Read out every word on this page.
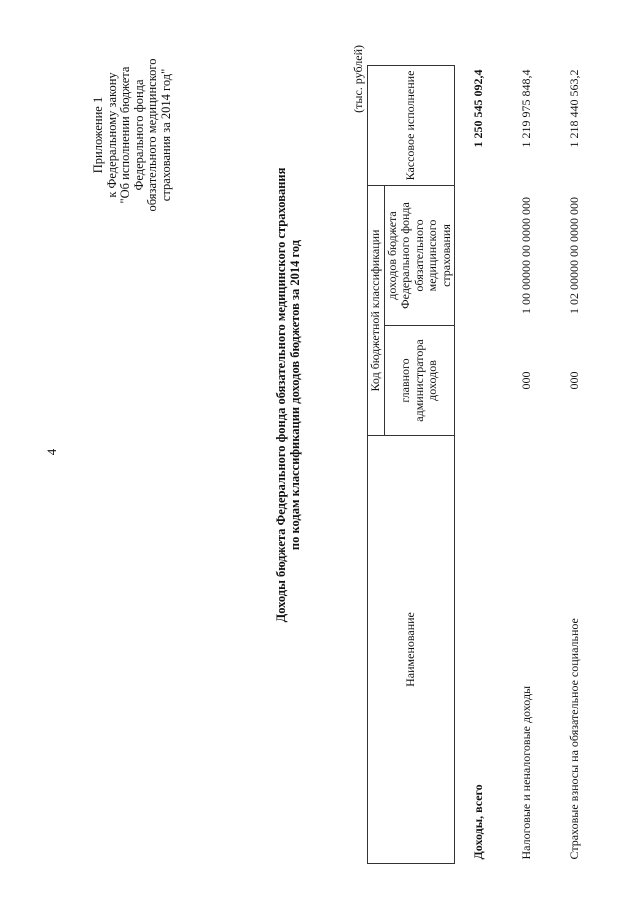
4
Приложение 1 к Федеральному закону "Об исполнении бюджета Федерального фонда обязательного медицинского страхования за 2014 год"
Доходы бюджета Федерального фонда обязательного медицинского страхования по кодам классификации доходов бюджетов за 2014 год
(тыс. рублей)
Наименование	Код бюджетной классификации		Кассовое исполнение
	главного администратора доходов	доходов бюджета Федерального фонда обязательного медицинского страхования	
Доходы, всего			1 250 545 092,4
Налоговые и неналоговые доходы	000	1 00 00000 00 0000 000	1 219 975 848,4
Страховые взносы на обязательное социальное	000	1 02 00000 00 0000 000	1 218 440 563,2
